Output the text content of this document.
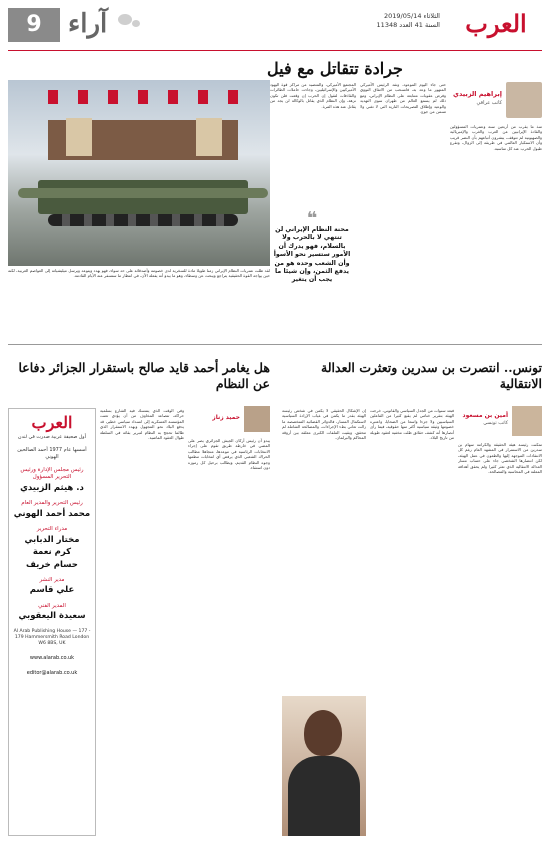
العرب
الثلاثاء 2019/05/14
السنة 41 العدد 11348
9	آراء
جرادة تتقاتل مع فيل
إبراهيم الزبيدي
كاتب عراقي

منذ ما يقرب من أربعين سنة وعنتريات المسؤولين والقادة الإيرانيين عن العرب والغرب والإمبريالية والصهيونية لم تتوقف، يبشرون أتباعهم بأن النصر قريب وأن الاستكبار العالمي في طريقه إلى الزوال، وتقرع طبول الحرب عند كل مناسبة.

حتى جاء اليوم الموعود، ونفد الرئيس الأميركي المتهور ما وعد به، فانسحب من الاتفاق النووي وفرض عقوبات متتابعة على النظام الإيراني، ومع ذلك لم يسمع العالم من طهران سوى التهديد والوعيد وإطلاق التصريحات النارية التي لا تغني ولا تسمن من جوع.

المجتمع الأميركي، والمتصيد من مراكز قوة اليهود الأميركيين والإسرائيليين، وجاءت حاملات الطائرات والقاذفات لتقول إن الحرب إن وقعت فلن تكون نزهة، وإن النظام الذي يقاتل بالوكالة لن يجد من يقاتل عنه هذه المرة.

لقد ظلت عنتريات النظام الإيراني زمنا طويلا مادة للسخرية لدى خصومه وأصدقائه على حد سواء، فهو يهدد ويتوعد ويرسل ميليشياته إلى العواصم العربية، لكنه حين يواجه القوة الحقيقية يتراجع ويبحث عن وسطاء، وهو ما يبدو أنه يفعله الآن، في انتظار ما ستسفر عنه الأيام القادمة.

❝
محنة النظام الإيراني لن تنتهي لا بالحرب ولا بالسلام، فهو يدرك أن الأمور ستسير نحو الأسوأ وأن الشعب وحده هو من يدفع الثمن، وإن شيئا ما يجب أن يتغير
تونس.. انتصرت بن سدرين وتعثرت العدالة الانتقالية
أمين بن مسعود
كاتب تونسي

تمكنت رئيسة هيئة الحقيقة والكرامة سهام بن سدرين من الاستمرار في المشهد العام رغم كل الانتقادات الموجهة إليها والطعون في عمل الهيئة، لكن انتصارها الشخصي جاء على حساب مسار العدالة الانتقالية الذي تعثر كثيرا ولم يحقق أهدافه المعلنة في المحاسبة والمصالحة.

فبعد سنوات من الجدل السياسي والقانوني، خرجت الهيئة بتقرير ختامي لم يقنع كثيرا من الفاعلين السياسيين ولا جزءا واسعا من الضحايا، واعتبره خصومها وثيقة سياسية أكثر منها حقوقية، فيما رأى أنصارها أنه كشف حقائق ظلت مخفية لعقود طويلة من تاريخ البلاد.

إن الإشكال الحقيقي لا يكمن في شخص رئيسة الهيئة بقدر ما يكمن في غياب الإرادة السياسية لاستكمال المسار، فالدوائر القضائية المتخصصة ما زالت تعاني بطء الإجراءات، والمصالحة الشاملة لم تتحقق، وبقيت الملفات الكبرى معلقة بين أروقة المحاكم والبرلمان.

هل يغامر أحمد قايد صالح باستقرار الجزائر دفاعا عن النظام
حميد زناز

يبدو أن رئيس أركان الجيش الجزائري يصر على المضي في خارطة طريق تقوم على إجراء الانتخابات الرئاسية في موعدها، متجاهلا مطالب الحراك الشعبي الذي يرفض أي انتخابات تنظمها وجوه النظام القديم، ويطالب برحيل كل رموزه دون استثناء.

وفي الوقت الذي يتمسك فيه الشارع بسلمية حراكه، تتصاعد المخاوف من أن يؤدي تعنت المؤسسة العسكرية إلى انسداد سياسي خطير، قد يدفع البلاد نحو المجهول ويهدد الاستقرار الذي طالما تحجج به النظام لتبرير بقائه في السلطة طوال العقود الماضية.

العرب
أول صحيفة عربية صدرت في لندن
أسسها عام 1977 أحمد الصالحين الهوني
رئيس مجلس الإدارة ورئيس التحرير المسؤول
د. هيثم الزبيدي
رئيس التحرير والمدير العام
محمد أحمد الهوني
مدراء التحرير
مختار الدبابي
كرم نعمة
حسام خريف
مدير النشر
علي قاسم
المدير الفني
سعيدة اليعقوبي
Al Arab Publishing House — 177 - 179 Hammersmith Road London W6 8BS, UK
www.alarab.co.uk
editor@alarab.co.uk
